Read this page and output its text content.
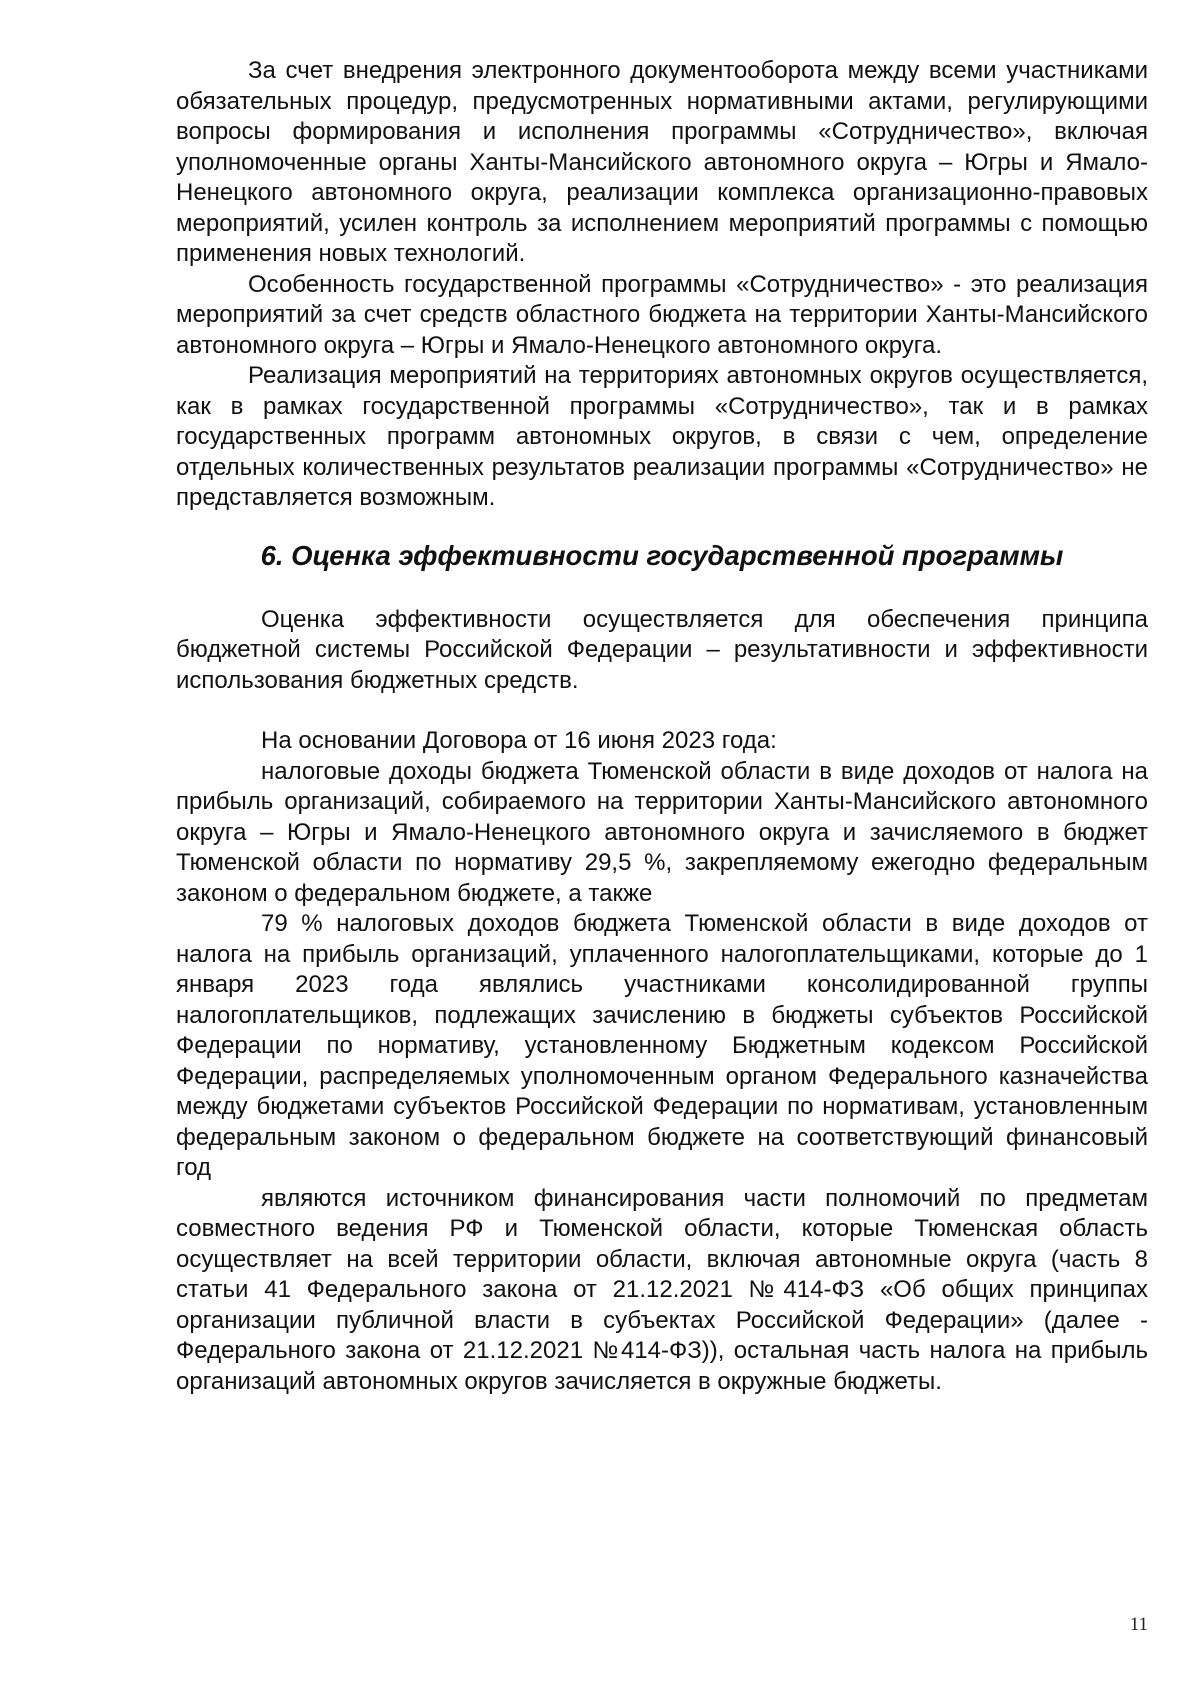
За счет внедрения электронного документооборота между всеми участниками обязательных процедур, предусмотренных нормативными актами, регулирующими вопросы формирования и исполнения программы «Сотрудничество», включая уполномоченные органы Ханты-Мансийского автономного округа – Югры и Ямало-Ненецкого автономного округа, реализации комплекса организационно-правовых мероприятий, усилен контроль за исполнением мероприятий программы с помощью применения новых технологий.

Особенность государственной программы «Сотрудничество» - это реализация мероприятий за счет средств областного бюджета на территории Ханты-Мансийского автономного округа – Югры и Ямало-Ненецкого автономного округа.

Реализация мероприятий на территориях автономных округов осуществляется, как в рамках государственной программы «Сотрудничество», так и в рамках государственных программ автономных округов, в связи с чем, определение отдельных количественных результатов реализации программы «Сотрудничество» не представляется возможным.

6. Оценка эффективности государственной программы

Оценка эффективности осуществляется для обеспечения принципа бюджетной системы Российской Федерации – результативности и эффективности использования бюджетных средств.

На основании Договора от 16 июня 2023 года:

налоговые доходы бюджета Тюменской области в виде доходов от налога на прибыль организаций, собираемого на территории Ханты-Мансийского автономного округа – Югры и Ямало-Ненецкого автономного округа и зачисляемого в бюджет Тюменской области по нормативу 29,5 %, закрепляемому ежегодно федеральным законом о федеральном бюджете, а также

79 % налоговых доходов бюджета Тюменской области в виде доходов от налога на прибыль организаций, уплаченного налогоплательщиками, которые до 1 января 2023 года являлись участниками консолидированной группы налогоплательщиков, подлежащих зачислению в бюджеты субъектов Российской Федерации по нормативу, установленному Бюджетным кодексом Российской Федерации, распределяемых уполномоченным органом Федерального казначейства между бюджетами субъектов Российской Федерации по нормативам, установленным федеральным законом о федеральном бюджете на соответствующий финансовый год

являются источником финансирования части полномочий по предметам совместного ведения РФ и Тюменской области, которые Тюменская область осуществляет на всей территории области, включая автономные округа (часть 8 статьи 41 Федерального закона от 21.12.2021 №414-ФЗ «Об общих принципах организации публичной власти в субъектах Российской Федерации» (далее - Федерального закона от 21.12.2021 №414-ФЗ)), остальная часть налога на прибыль организаций автономных округов зачисляется в окружные бюджеты.

11
